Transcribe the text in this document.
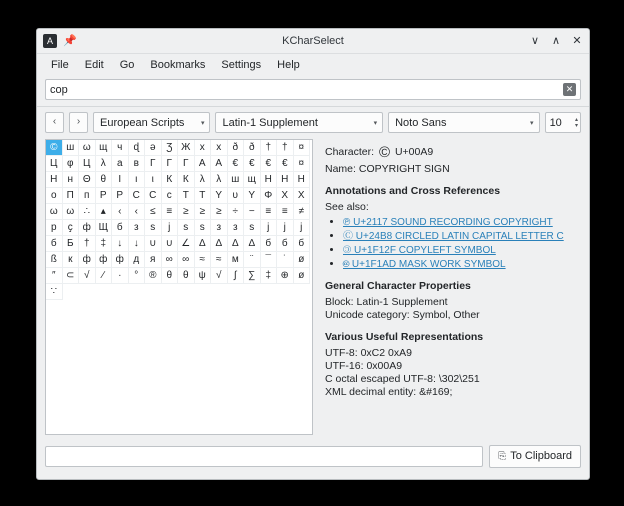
A 📌	KCharSelect	∨ ∧ ✕
File	Edit	Go	Bookmarks	Settings	Help
cop
✕
‹	›	European Scripts	▾ Latin-1 Supplement	▾ Noto Sans	▾ 10 ▴
▾
© ш ω щ ч	ɖ	ə	Ʒ Ж х	х	ð	ð	†	†	¤
Ц φ Ц	λ	а	в	Г	Γ	Γ	А А	€	€	€	€	¤
Н	н Θ θ	І	ı	ι	К	К	λ	λ ш щ Н Н Н
о	П	п	Р Р С С	с	Т	Т	Υ	υ	Υ Φ Х Х
ω ω ∴	▴	‹	‹	≤	≡	≥	≥	≥	÷	−	≡	≡	≠
р	ҫ ф Щ б	з	ѕ	ј	ѕ	ѕ	з	з	ѕ	ј	ј	ј
б	Б	†	‡	↓	↓	∪ ∪ ∠ ∆	∆	∆	∆	б	б	б
ß	к	ф ф ф д	я	∞ ∞	≈	≈	м	¨	¯	˙	ø
″	⊂ √	∕	∙	°	®	θ	θ	ψ	√	∫	∑	‡ ⊕ ø
∵
Character: © U+00A9
Name: COPYRIGHT SIGN
Annotations and Cross References
See also:
• ℗ U+2117 SOUND RECORDING COPYRIGHT
• Ⓒ U+24B8 CIRCLED LATIN CAPITAL LETTER C
• 🄯 U+1F12F COPYLEFT SYMBOL
• 🅭 U+1F1AD MASK WORK SYMBOL
General Character Properties
Block: Latin-1 Supplement
Unicode category: Symbol, Other
Various Useful Representations
UTF-8: 0xC2 0xA9
UTF-16: 0x00A9
C octal escaped UTF-8: \302\251
XML decimal entity: &#169;
⎘ To Clipboard
